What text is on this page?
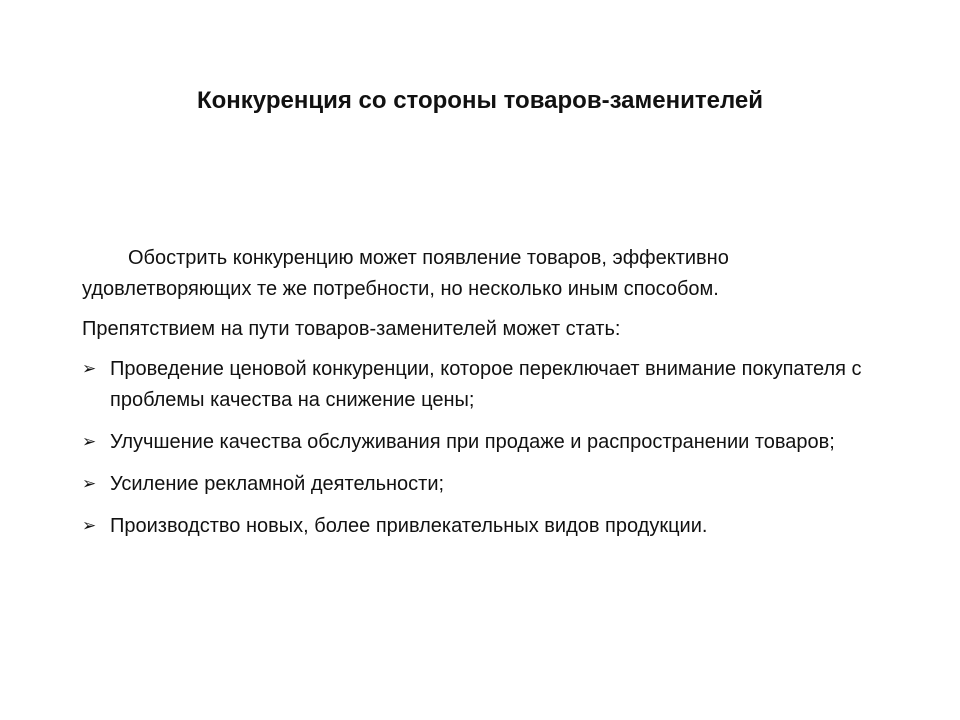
Конкуренция со стороны товаров-заменителей

Обострить конкуренцию может появление товаров, эффективно удовлетворяющих те же потребности, но несколько иным способом.

Препятствием на пути товаров-заменителей может стать:

➢ Проведение ценовой конкуренции, которое переключает внимание покупателя с проблемы качества на снижение цены;
➢ Улучшение качества обслуживания при продаже и распространении товаров;
➢ Усиление рекламной деятельности;
➢ Производство новых, более привлекательных видов продукции.
